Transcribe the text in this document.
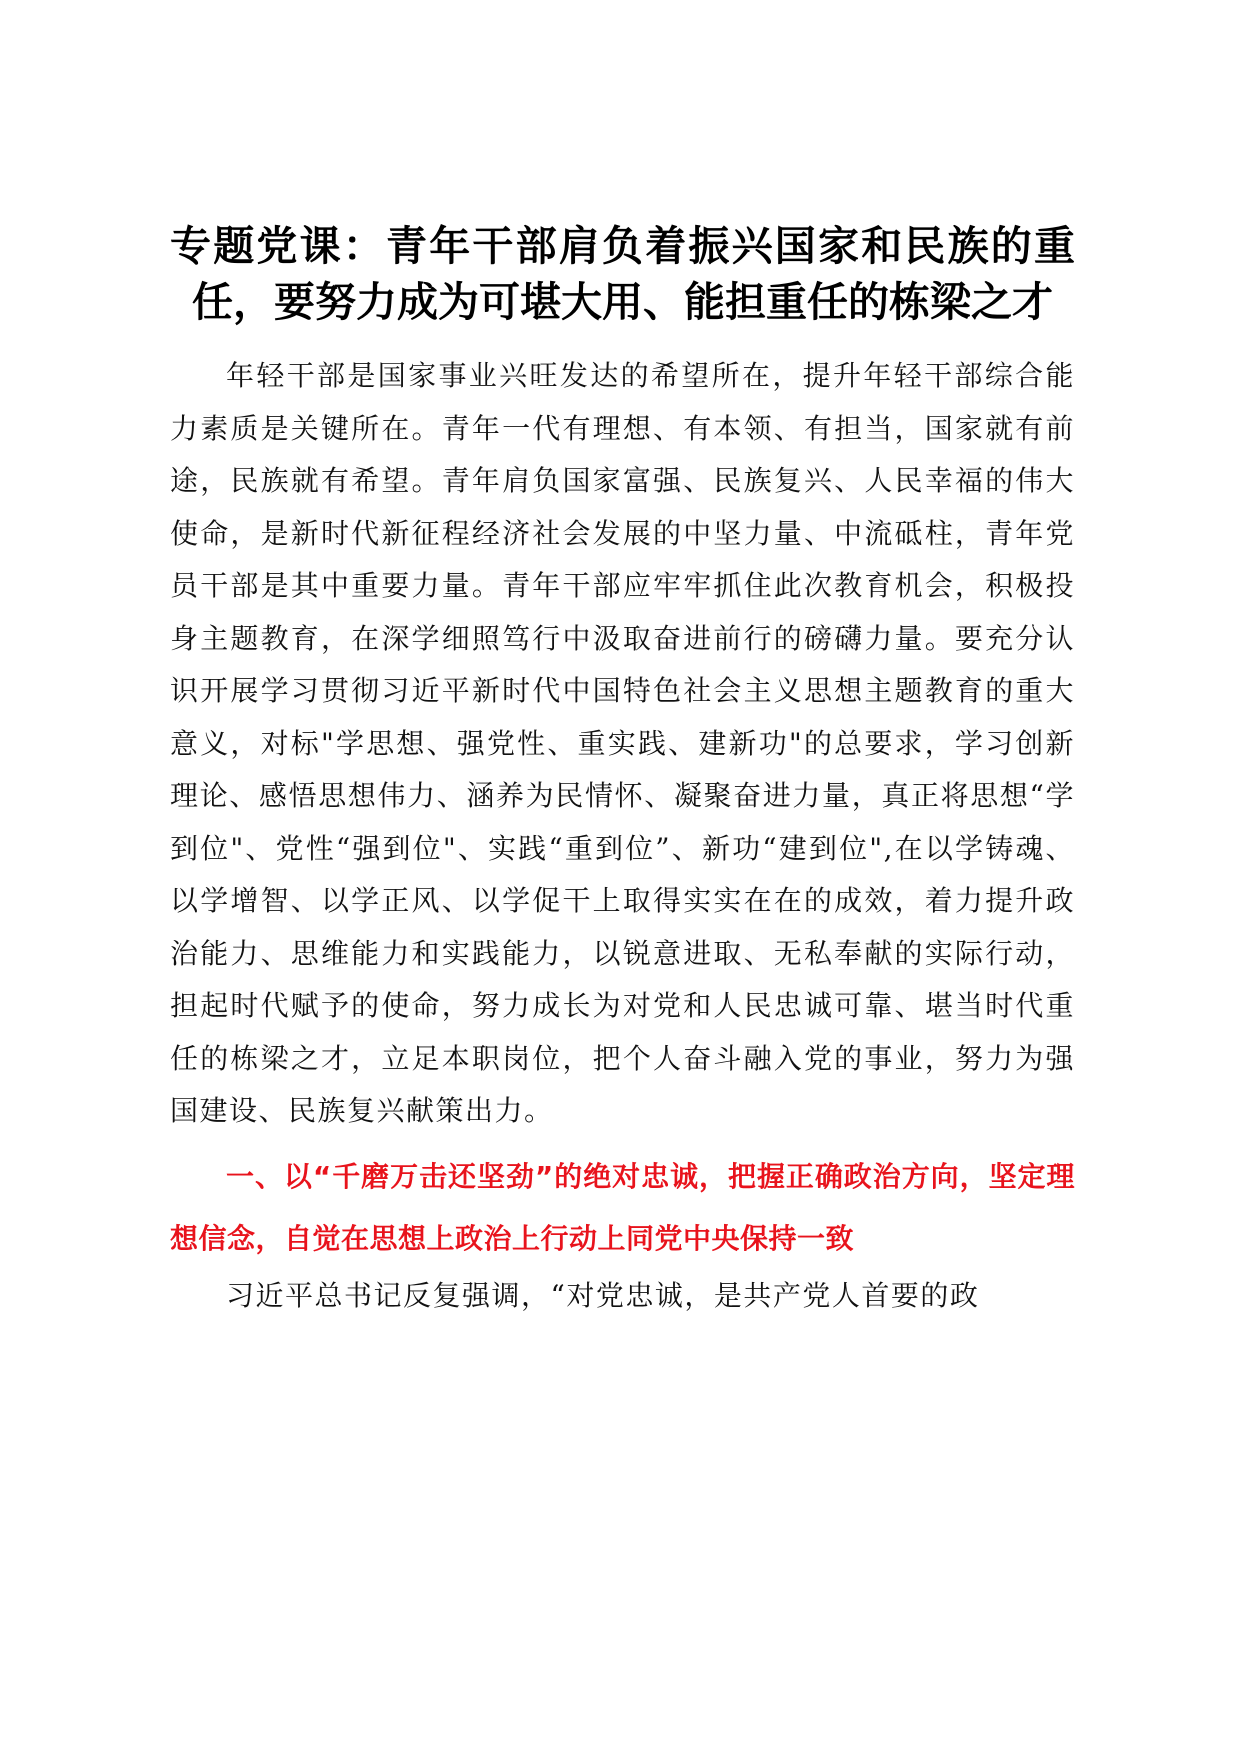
专题党课：青年干部肩负着振兴国家和民族的重任，要努力成为可堪大用、能担重任的栋梁之才

年轻干部是国家事业兴旺发达的希望所在，提升年轻干部综合能力素质是关键所在。青年一代有理想、有本领、有担当，国家就有前途，民族就有希望。青年肩负国家富强、民族复兴、人民幸福的伟大使命，是新时代新征程经济社会发展的中坚力量、中流砥柱，青年党员干部是其中重要力量。青年干部应牢牢抓住此次教育机会，积极投身主题教育，在深学细照笃行中汲取奋进前行的磅礴力量。要充分认识开展学习贯彻习近平新时代中国特色社会主义思想主题教育的重大意义，对标"学思想、强党性、重实践、建新功"的总要求，学习创新理论、感悟思想伟力、涵养为民情怀、凝聚奋进力量，真正将思想“学到位"、党性“强到位"、实践“重到位”、新功“建到位",在以学铸魂、以学增智、以学正风、以学促干上取得实实在在的成效，着力提升政治能力、思维能力和实践能力，以锐意进取、无私奉献的实际行动，担起时代赋予的使命，努力成长为对党和人民忠诚可靠、堪当时代重任的栋梁之才，立足本职岗位，把个人奋斗融入党的事业，努力为强国建设、民族复兴献策出力。

一、以“千磨万击还坚劲”的绝对忠诚，把握正确政治方向，坚定理想信念，自觉在思想上政治上行动上同党中央保持一致

习近平总书记反复强调，“对党忠诚，是共产党人首要的政
